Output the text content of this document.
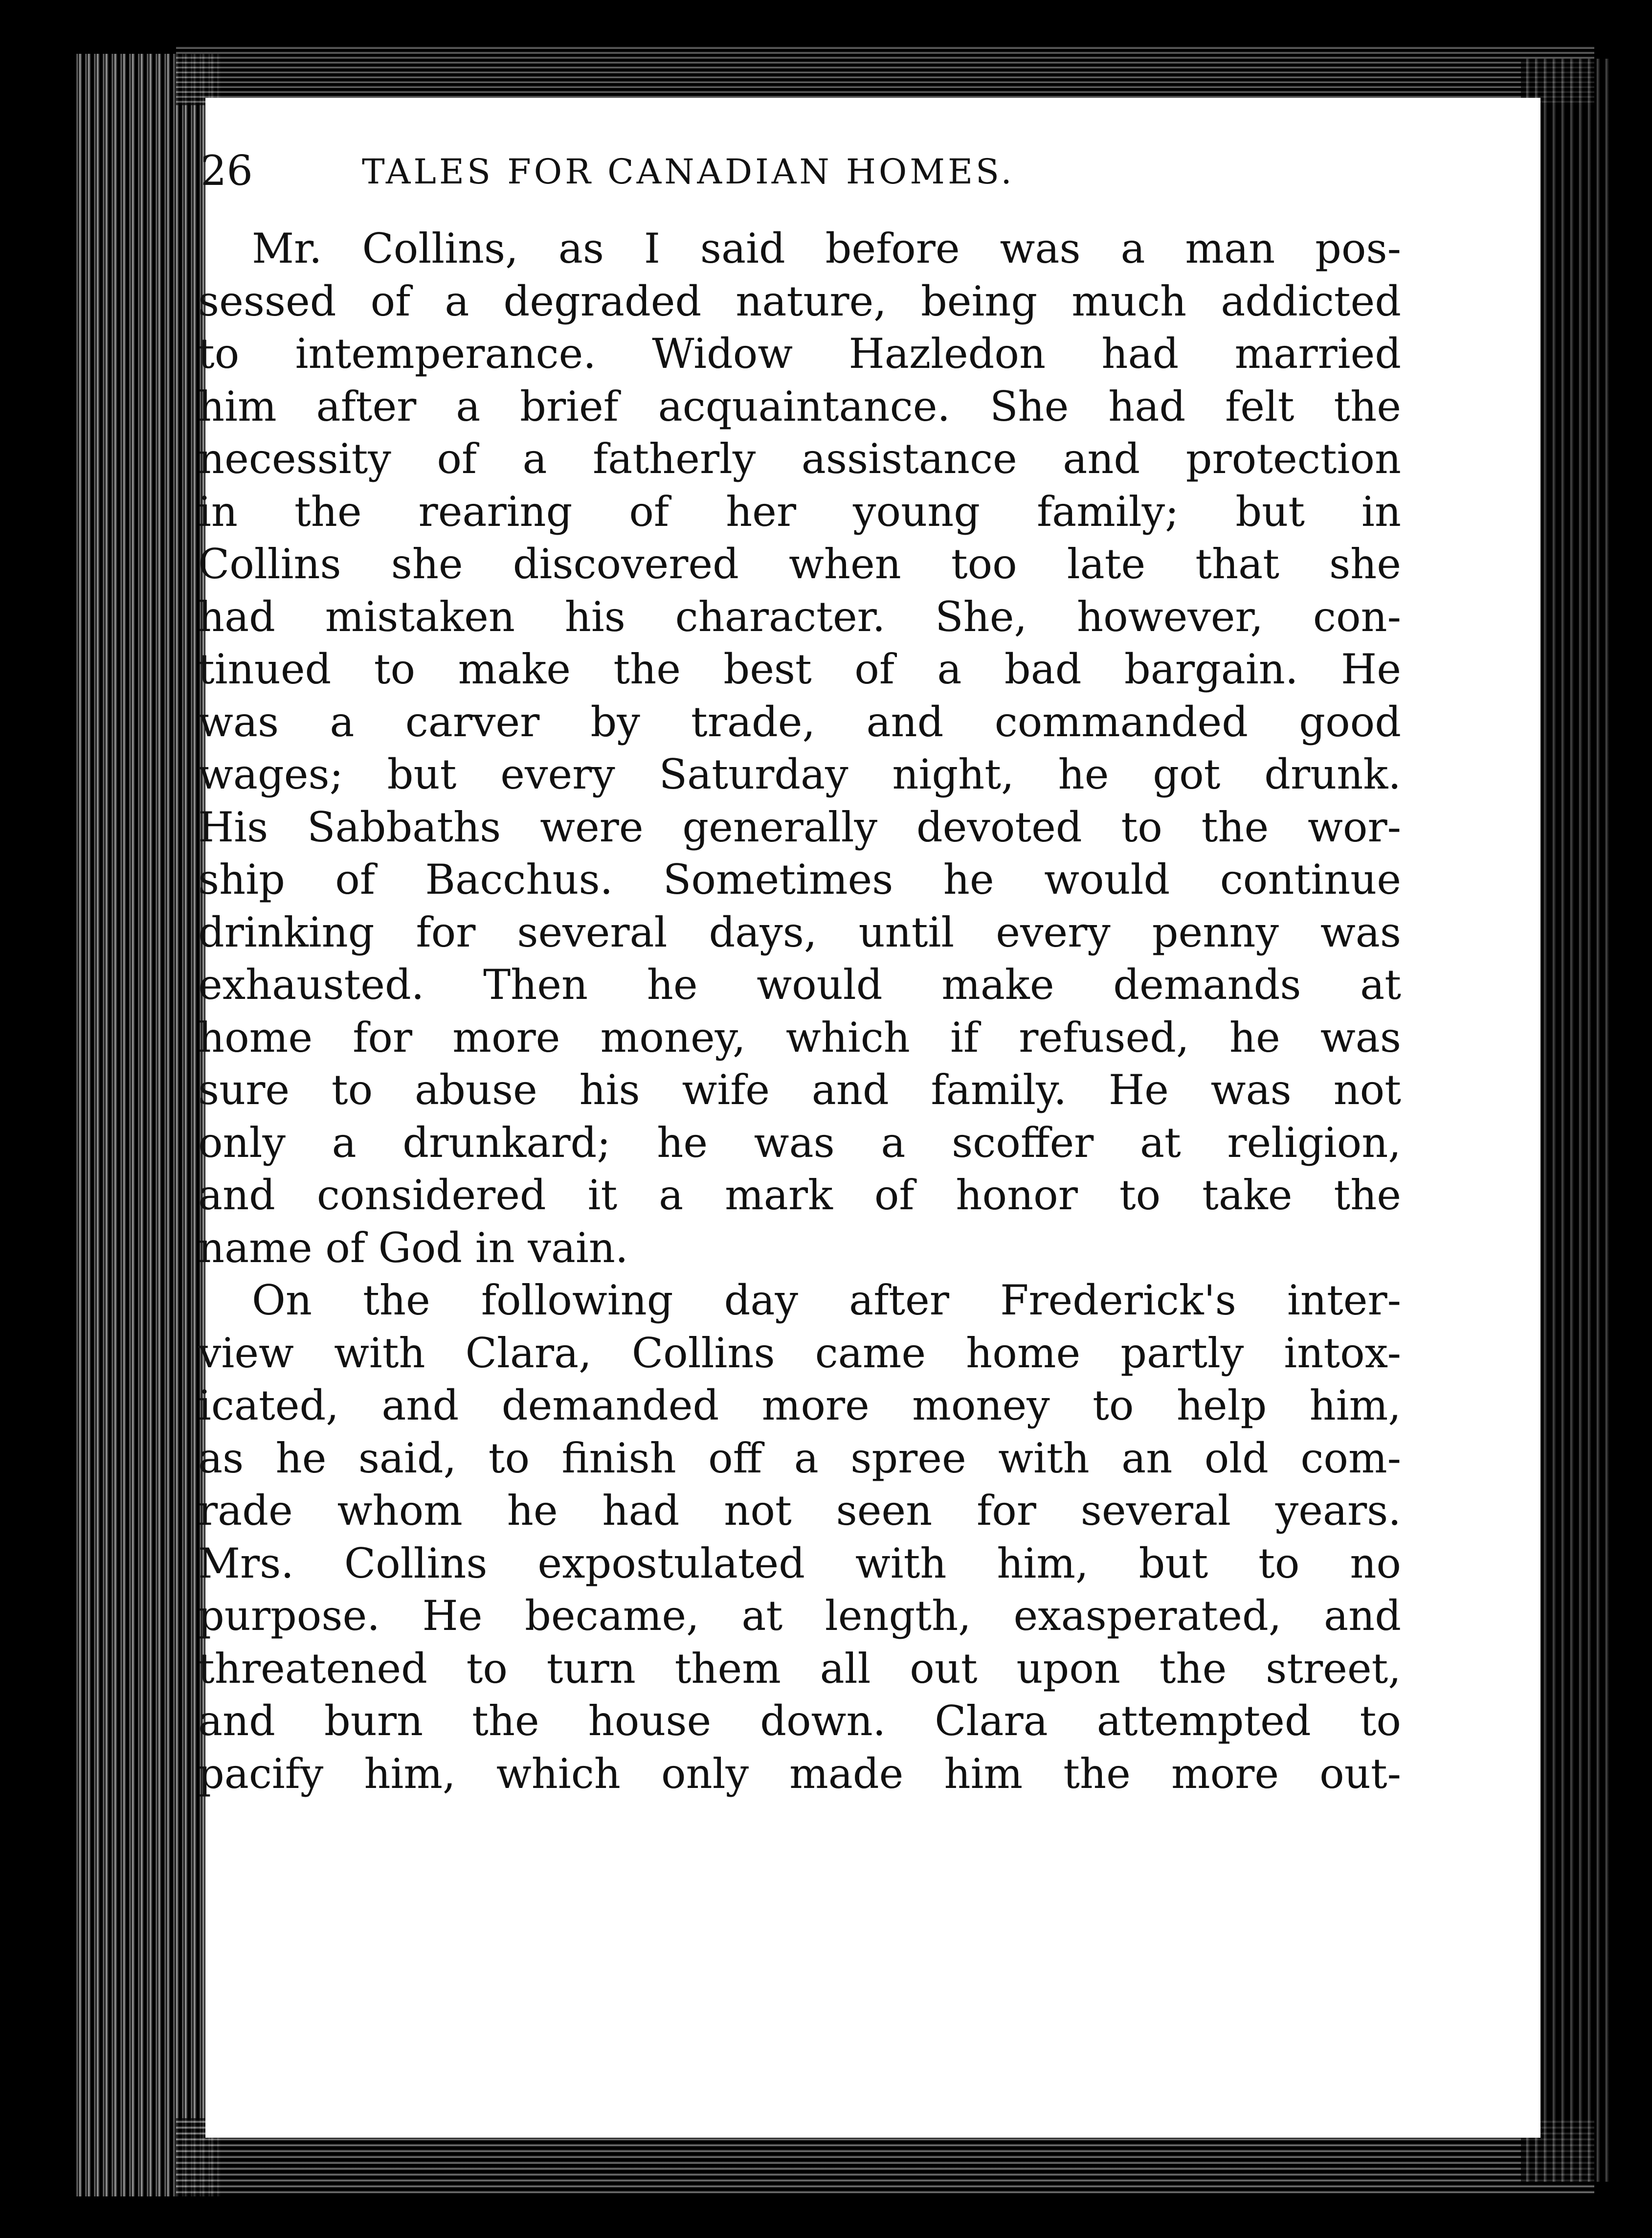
26	TALES FOR CANADIAN HOMES.
Mr. Collins, as I said before was a man pos-
sessed of a degraded nature, being much addicted
to intemperance. Widow Hazledon had married
him after a brief acquaintance. She had felt the
necessity of a fatherly assistance and protection
in the rearing of her young family; but in
Collins she discovered when too late that she
had mistaken his character. She, however, con-
tinued to make the best of a bad bargain. He
was a carver by trade, and commanded good
wages; but every Saturday night, he got drunk.
His Sabbaths were generally devoted to the wor-
ship of Bacchus. Sometimes he would continue
drinking for several days, until every penny was
exhausted. Then he would make demands at
home for more money, which if refused, he was
sure to abuse his wife and family. He was not
only a drunkard; he was a scoffer at religion,
and considered it a mark of honor to take the
name of God in vain.
On the following day after Frederick's inter-
view with Clara, Collins came home partly intox-
icated, and demanded more money to help him,
as he said, to finish off a spree with an old com-
rade whom he had not seen for several years.
Mrs. Collins expostulated with him, but to no
purpose. He became, at length, exasperated, and
threatened to turn them all out upon the street,
and burn the house down. Clara attempted to
pacify him, which only made him the more out-
